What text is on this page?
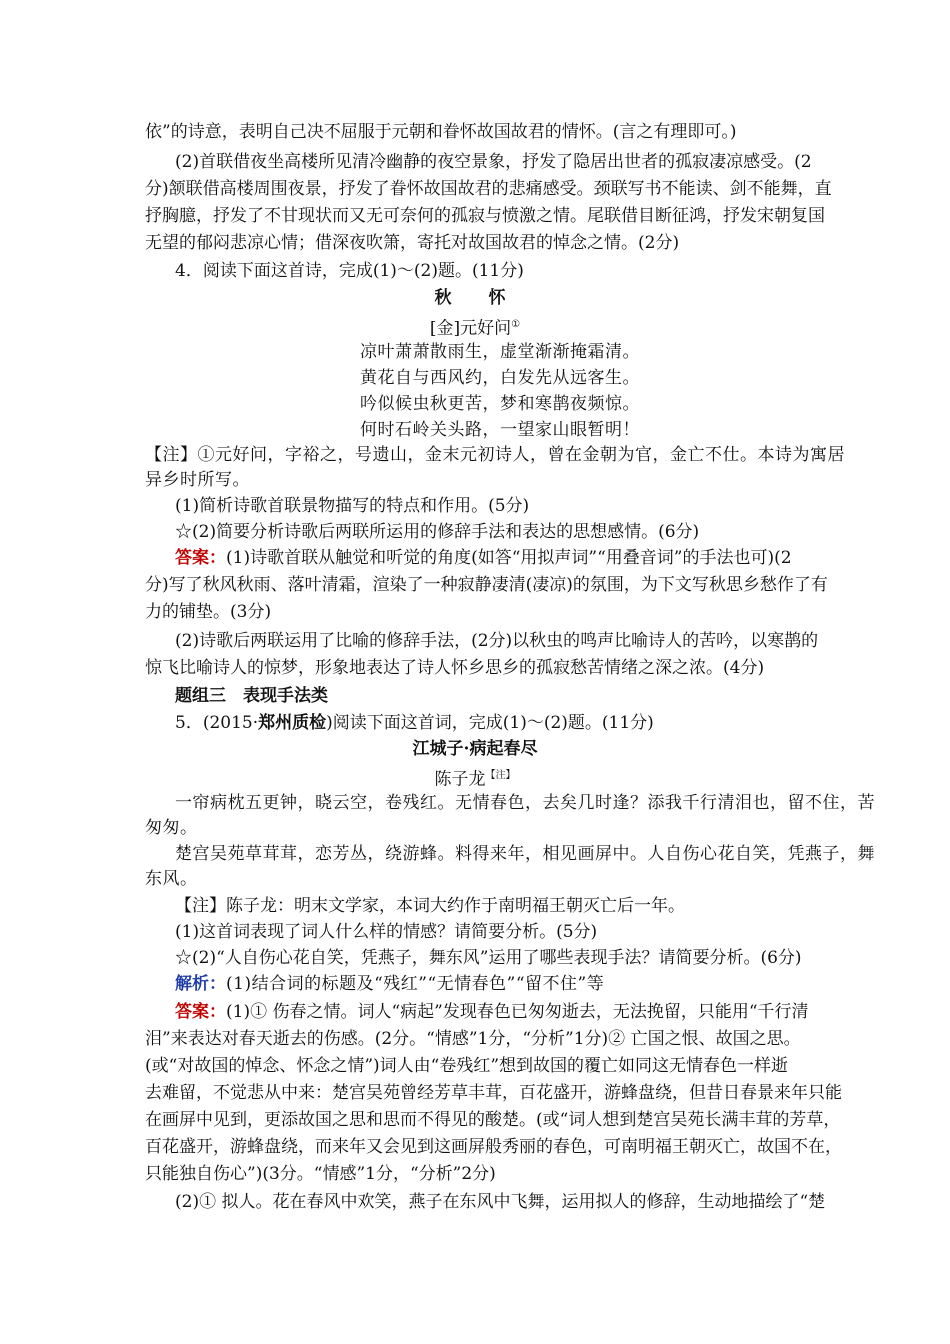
依”的诗意，表明自己决不屈服于元朝和眷怀故国故君的情怀。(言之有理即可。)
(2)首联借夜坐高楼所见清冷幽静的夜空景象，抒发了隐居出世者的孤寂凄凉感受。(2
分)颔联借高楼周围夜景，抒发了眷怀故国故君的悲痛感受。颈联写书不能读、剑不能舞，直
抒胸臆，抒发了不甘现状而又无可奈何的孤寂与愤激之情。尾联借目断征鸿，抒发宋朝复国
无望的郁闷悲凉心情；借深夜吹箫，寄托对故国故君的悼念之情。(2分)
4．阅读下面这首诗，完成(1)～(2)题。(11分)
秋　怀
[金]元好问①
凉叶萧萧散雨生，虚堂渐渐掩霜清。
黄花自与西风约，白发先从远客生。
吟似候虫秋更苦，梦和寒鹊夜频惊。
何时石岭关头路，一望家山眼暂明！
【注】①元好问，字裕之，号遗山，金末元初诗人，曾在金朝为官，金亡不仕。本诗为寓居
异乡时所写。
(1)简析诗歌首联景物描写的特点和作用。(5分)
☆(2)简要分析诗歌后两联所运用的修辞手法和表达的思想感情。(6分)
答案：(1)诗歌首联从触觉和听觉的角度(如答“用拟声词”“用叠音词”的手法也可)(2
分)写了秋风秋雨、落叶清霜，渲染了一种寂静凄清(凄凉)的氛围，为下文写秋思乡愁作了有
力的铺垫。(3分)
(2)诗歌后两联运用了比喻的修辞手法，(2分)以秋虫的鸣声比喻诗人的苦吟，以寒鹊的
惊飞比喻诗人的惊梦，形象地表达了诗人怀乡思乡的孤寂愁苦情绪之深之浓。(4分)
题组三　表现手法类
5．(2015·郑州质检)阅读下面这首词，完成(1)～(2)题。(11分)
江城子·病起春尽
陈子龙$^{【注】}$
一帘病枕五更钟，晓云空，卷残红。无情春色，去矣几时逢？添我千行清泪也，留不住，苦
匆匆。
楚宫吴苑草茸茸，恋芳丛，绕游蜂。料得来年，相见画屏中。人自伤心花自笑，凭燕子，舞
东风。
【注】陈子龙：明末文学家，本词大约作于南明福王朝灭亡后一年。
(1)这首词表现了词人什么样的情感？请简要分析。(5分)
☆(2)“人自伤心花自笑，凭燕子，舞东风”运用了哪些表现手法？请简要分析。(6分)
解析：(1)结合词的标题及“残红”“无情春色”“留不住”等
答案：(1)① 伤春之情。词人“病起”发现春色已匆匆逝去，无法挽留，只能用“千行清
泪”来表达对春天逝去的伤感。(2分。“情感”1分，“分析”1分)② 亡国之恨、故国之思。
(或“对故国的悼念、怀念之情”)词人由“卷残红”想到故国的覆亡如同这无情春色一样逝
去难留，不觉悲从中来：楚宫吴苑曾经芳草丰茸，百花盛开，游蜂盘绕，但昔日春景来年只能
在画屏中见到，更添故国之思和思而不得见的酸楚。(或“词人想到楚宫吴苑长满丰茸的芳草，
百花盛开，游蜂盘绕，而来年又会见到这画屏般秀丽的春色，可南明福王朝灭亡，故国不在，
只能独自伤心”)(3分。“情感”1分，“分析”2分)
(2)① 拟人。花在春风中欢笑，燕子在东风中飞舞，运用拟人的修辞，生动地描绘了“楚
